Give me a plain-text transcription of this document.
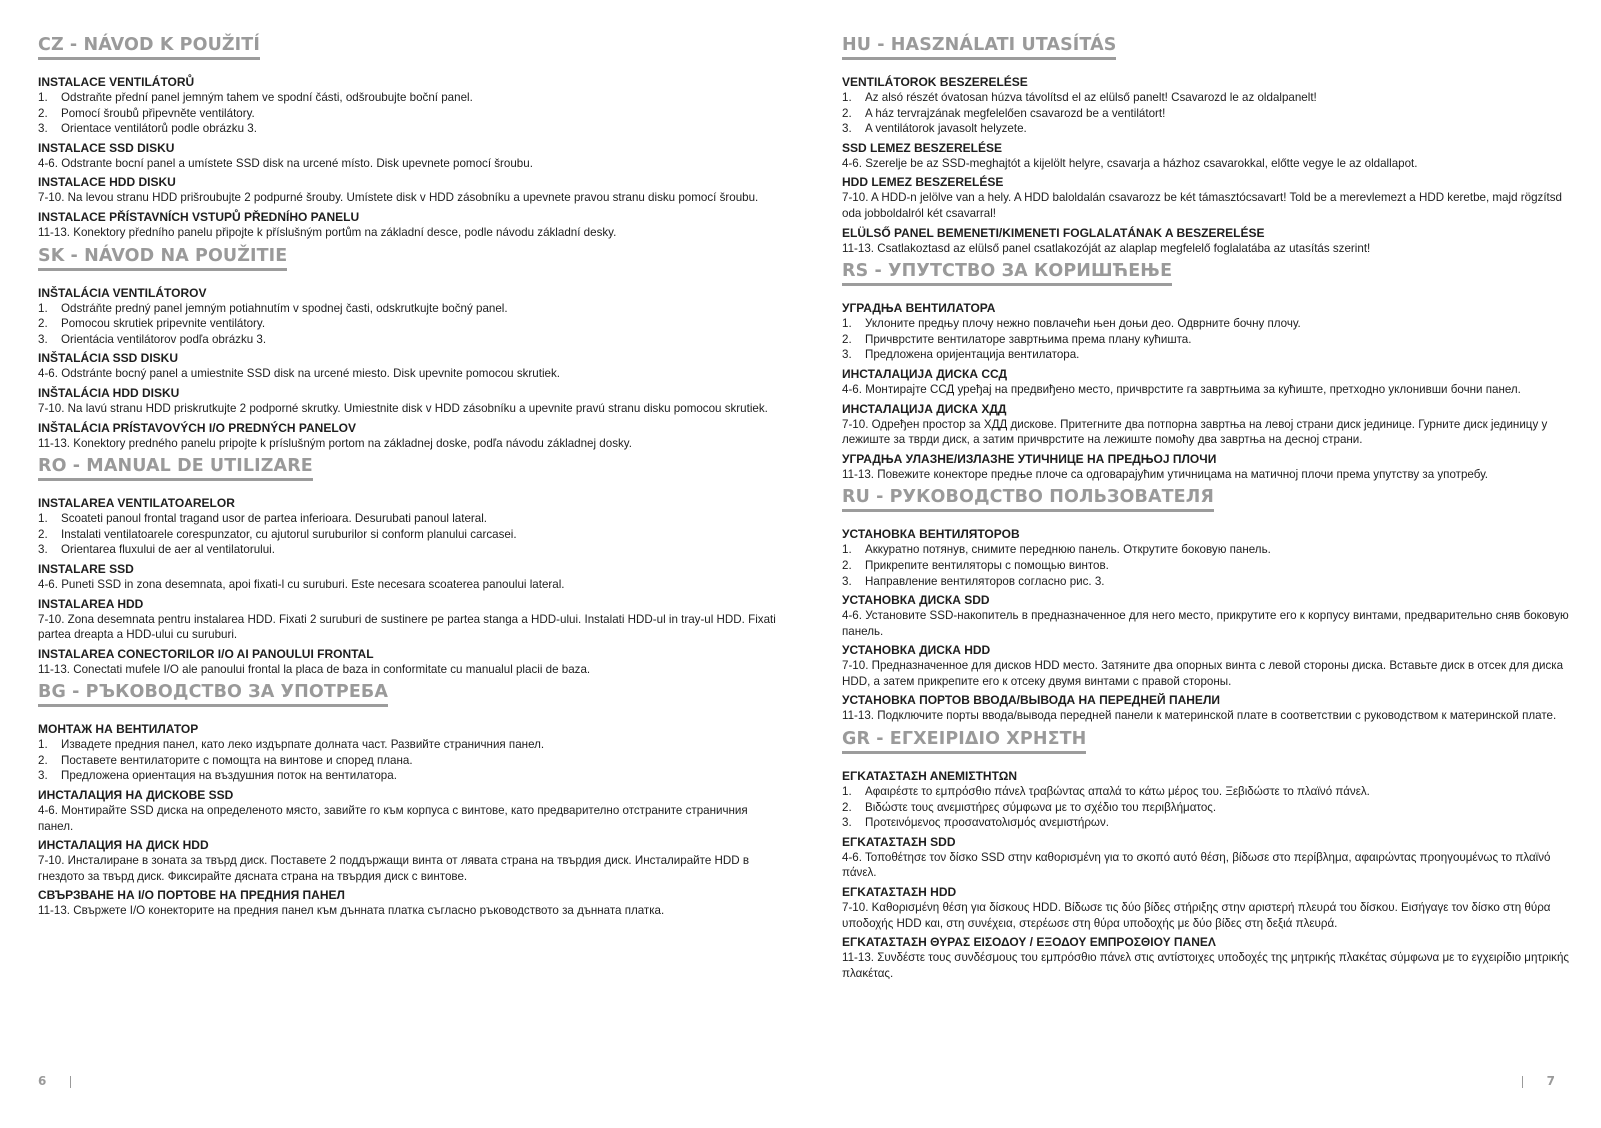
CZ - NÁVOD K POUŽITÍ
INSTALACE VENTILÁTORŮ
1.	Odstraňte přední panel jemným tahem ve spodní části, odšroubujte boční panel.
2.	Pomocí šroubů připevněte ventilátory.
3.	Orientace ventilátorů podle obrázku 3.
INSTALACE SSD DISKU

4-6. Odstrante bocní panel a umístete SSD disk na urcené místo. Disk upevnete pomocí šroubu.

INSTALACE HDD DISKU

7-10. Na levou stranu HDD prišroubujte 2 podpurné šrouby. Umístete disk v HDD zásobníku a upevnete pravou stranu disku pomocí šroubu.

INSTALACE PŘÍSTAVNÍCH VSTUPŮ PŘEDNÍHO PANELU

11-13. Konektory předního panelu připojte k příslušným portům na základní desce, podle návodu základní desky.

SK - NÁVOD NA POUŽITIE
INŠTALÁCIA VENTILÁTOROV
1.	Odstráňte predný panel jemným potiahnutím v spodnej časti, odskrutkujte bočný panel.
2.	Pomocou skrutiek pripevnite ventilátory.
3.	Orientácia ventilátorov podľa obrázku 3.
INŠTALÁCIA SSD DISKU

4-6. Odstránte bocný panel a umiestnite SSD disk na urcené miesto. Disk upevnite pomocou skrutiek.

INŠTALÁCIA HDD DISKU

7-10. Na lavú stranu HDD priskrutkujte 2 podporné skrutky. Umiestnite disk v HDD zásobníku a upevnite pravú stranu disku pomocou skrutiek.

INŠTALÁCIA PRÍSTAVOVÝCH I/O PREDNÝCH PANELOV

11-13. Konektory predného panelu pripojte k príslušným portom na základnej doske, podľa návodu základnej dosky.

RO - MANUAL DE UTILIZARE
INSTALAREA VENTILATOARELOR
1.	Scoateti panoul frontal tragand usor de partea inferioara. Desurubati panoul lateral.
2.	Instalati ventilatoarele corespunzator, cu ajutorul suruburilor si conform planului carcasei.
3.	Orientarea fluxului de aer al ventilatorului.
INSTALARE SSD

4-6. Puneti SSD in zona desemnata, apoi fixati-l cu suruburi. Este necesara scoaterea panoului lateral.

INSTALAREA HDD

7-10. Zona desemnata pentru instalarea HDD. Fixati 2 suruburi de sustinere pe partea stanga a HDD-ului. Instalati HDD-ul in tray-ul HDD. Fixati partea dreapta a HDD-ului cu suruburi.

INSTALAREA CONECTORILOR I/O AI PANOULUI FRONTAL

11-13. Conectati mufele I/O ale panoului frontal la placa de baza in conformitate cu manualul placii de baza.

BG - РЪКОВОДСТВО ЗА УПОТРЕБА
МОНТАЖ НА ВЕНТИЛАТОР
1.	Извадете предния панел, като леко издърпате долната част. Развийте страничния панел.
2.	Поставете вентилаторите с помощта на винтове и според плана.
3.	Предложена ориентация на въздушния поток на вентилатора.
ИНСТАЛАЦИЯ НА ДИСКОВЕ SSD

4-6. Монтирайте SSD диска на определеното място, завийте го към корпуса с винтове, като предварително отстраните страничния панел.

ИНСТАЛАЦИЯ НА ДИСК HDD

7-10. Инсталиране в зоната за твърд диск. Поставете 2 поддържащи винта от лявата страна на твърдия диск. Инсталирайте HDD в гнездото за твърд диск. Фиксирайте дясната страна на твърдия диск с винтове.

СВЪРЗВАНЕ НА I/O ПОРТОВЕ НА ПРЕДНИЯ ПАНЕЛ

11-13. Свържете I/O конекторите на предния панел към дънната платка съгласно ръководството за дънната платка.

HU - HASZNÁLATI UTASÍTÁS
VENTILÁTOROK BESZERELÉSE
1.	Az alsó részét óvatosan húzva távolítsd el az elülső panelt! Csavarozd le az oldalpanelt!
2.	A ház tervrajzának megfelelően csavarozd be a ventilátort!
3.	A ventilátorok javasolt helyzete.
SSD LEMEZ BESZERELÉSE

4-6. Szerelje be az SSD-meghajtót a kijelölt helyre, csavarja a házhoz csavarokkal, előtte vegye le az oldallapot.

HDD LEMEZ BESZERELÉSE

7-10. A HDD-n jelölve van a hely. A HDD baloldalán csavarozz be két támasztócsavart! Told be a merevlemezt a HDD keretbe, majd rögzítsd oda jobboldalról két csavarral!

ELÜLSŐ PANEL BEMENETI/KIMENETI FOGLALATÁNAK A BESZERELÉSE

11-13. Csatlakoztasd az elülső panel csatlakozóját az alaplap megfelelő foglalatába az utasítás szerint!

RS - УПУТСТВО ЗА КОРИШЋЕЊЕ
УГРАДЊА ВЕНТИЛАТОРА
1.	Уклоните предњу плочу нежно повлачећи њен доњи део. Одврните бочну плочу.
2.	Причврстите вентилаторе завртњима према плану кућишта.
3.	Предложена оријентација вентилатора.
ИНСТАЛАЦИЈА ДИСКА ССД

4-6. Монтирајте ССД уређај на предвиђено место, причврстите га завртњима за кућиште, претходно уклонивши бочни панел.

ИНСТАЛАЦИЈА ДИСКА ХДД

7-10. Одређен простор за ХДД дискове. Притегните два потпорна завртња на левој страни диск јединице. Гурните диск јединицу у лежиште за тврди диск, а затим причврстите на лежиште помоћу два завртња на десној страни.

УГРАДЊА УЛАЗНЕ/ИЗЛАЗНЕ УТИЧНИЦЕ НА ПРЕДЊОЈ ПЛОЧИ

11-13. Повежите конекторе предње плоче са одговарајућим утичницама на матичној плочи према упутству за употребу.

RU - РУКОВОДСТВО ПОЛЬЗОВАТЕЛЯ
УСТАНОВКА ВЕНТИЛЯТОРОВ
1.	Аккуратно потянув, снимите переднюю панель. Открутите боковую панель.
2.	Прикрепите вентиляторы с помощью винтов.
3.	Направление вентиляторов согласно рис. 3.
УСТАНОВКА ДИСКА SDD

4-6. Установите SSD-накопитель в предназначенное для него место, прикрутите его к корпусу винтами, предварительно сняв боковую панель.

УСТАНОВКА ДИСКА HDD

7-10. Предназначенное для дисков HDD место. Затяните два опорных винта с левой стороны диска. Вставьте диск в отсек для диска HDD, а затем прикрепите его к отсеку двумя винтами с правой стороны.

УСТАНОВКА ПОРТОВ ВВОДА/ВЫВОДА НА ПЕРЕДНЕЙ ПАНЕЛИ

11-13. Подключите порты ввода/вывода передней панели к материнской плате в соответствии с руководством к материнской плате.

GR - ΕΓΧΕΙΡΙΔΙΟ ΧΡΗΣΤΗ
ΕΓΚΑΤΑΣΤΑΣΗ ΑΝΕΜΙΣΤΗΤΩΝ
1.	Αφαιρέστε το εμπρόσθιο πάνελ τραβώντας απαλά το κάτω μέρος του. Ξεβιδώστε το πλαϊνό πάνελ.
2.	Βιδώστε τους ανεμιστήρες σύμφωνα με το σχέδιο του περιβλήματος.
3.	Προτεινόμενος προσανατολισμός ανεμιστήρων.
ΕΓΚΑΤΑΣΤΑΣΗ SDD

4-6. Τοποθέτησε τον δίσκο SSD στην καθορισμένη για το σκοπό αυτό θέση, βίδωσε στο περίβλημα, αφαιρώντας προηγουμένως το πλαϊνό πάνελ.

ΕΓΚΑΤΑΣΤΑΣΗ HDD

7-10. Καθορισμένη θέση για δίσκους HDD. Βίδωσε τις δύο βίδες στήριξης στην αριστερή πλευρά του δίσκου. Εισήγαγε τον δίσκο στη θύρα υποδοχής HDD και, στη συνέχεια, στερέωσε στη θύρα υποδοχής με δύο βίδες στη δεξιά πλευρά.

ΕΓΚΑΤΑΣΤΑΣΗ ΘΥΡΑΣ ΕΙΣΟΔΟΥ / ΕΞΟΔΟΥ ΕΜΠΡΟΣΘΙΟΥ ΠΑΝΕΛ

11-13. Συνδέστε τους συνδέσμους του εμπρόσθιο πάνελ στις αντίστοιχες υποδοχές της μητρικής πλακέτας σύμφωνα με το εγχειρίδιο μητρικής πλακέτας.

6	7
